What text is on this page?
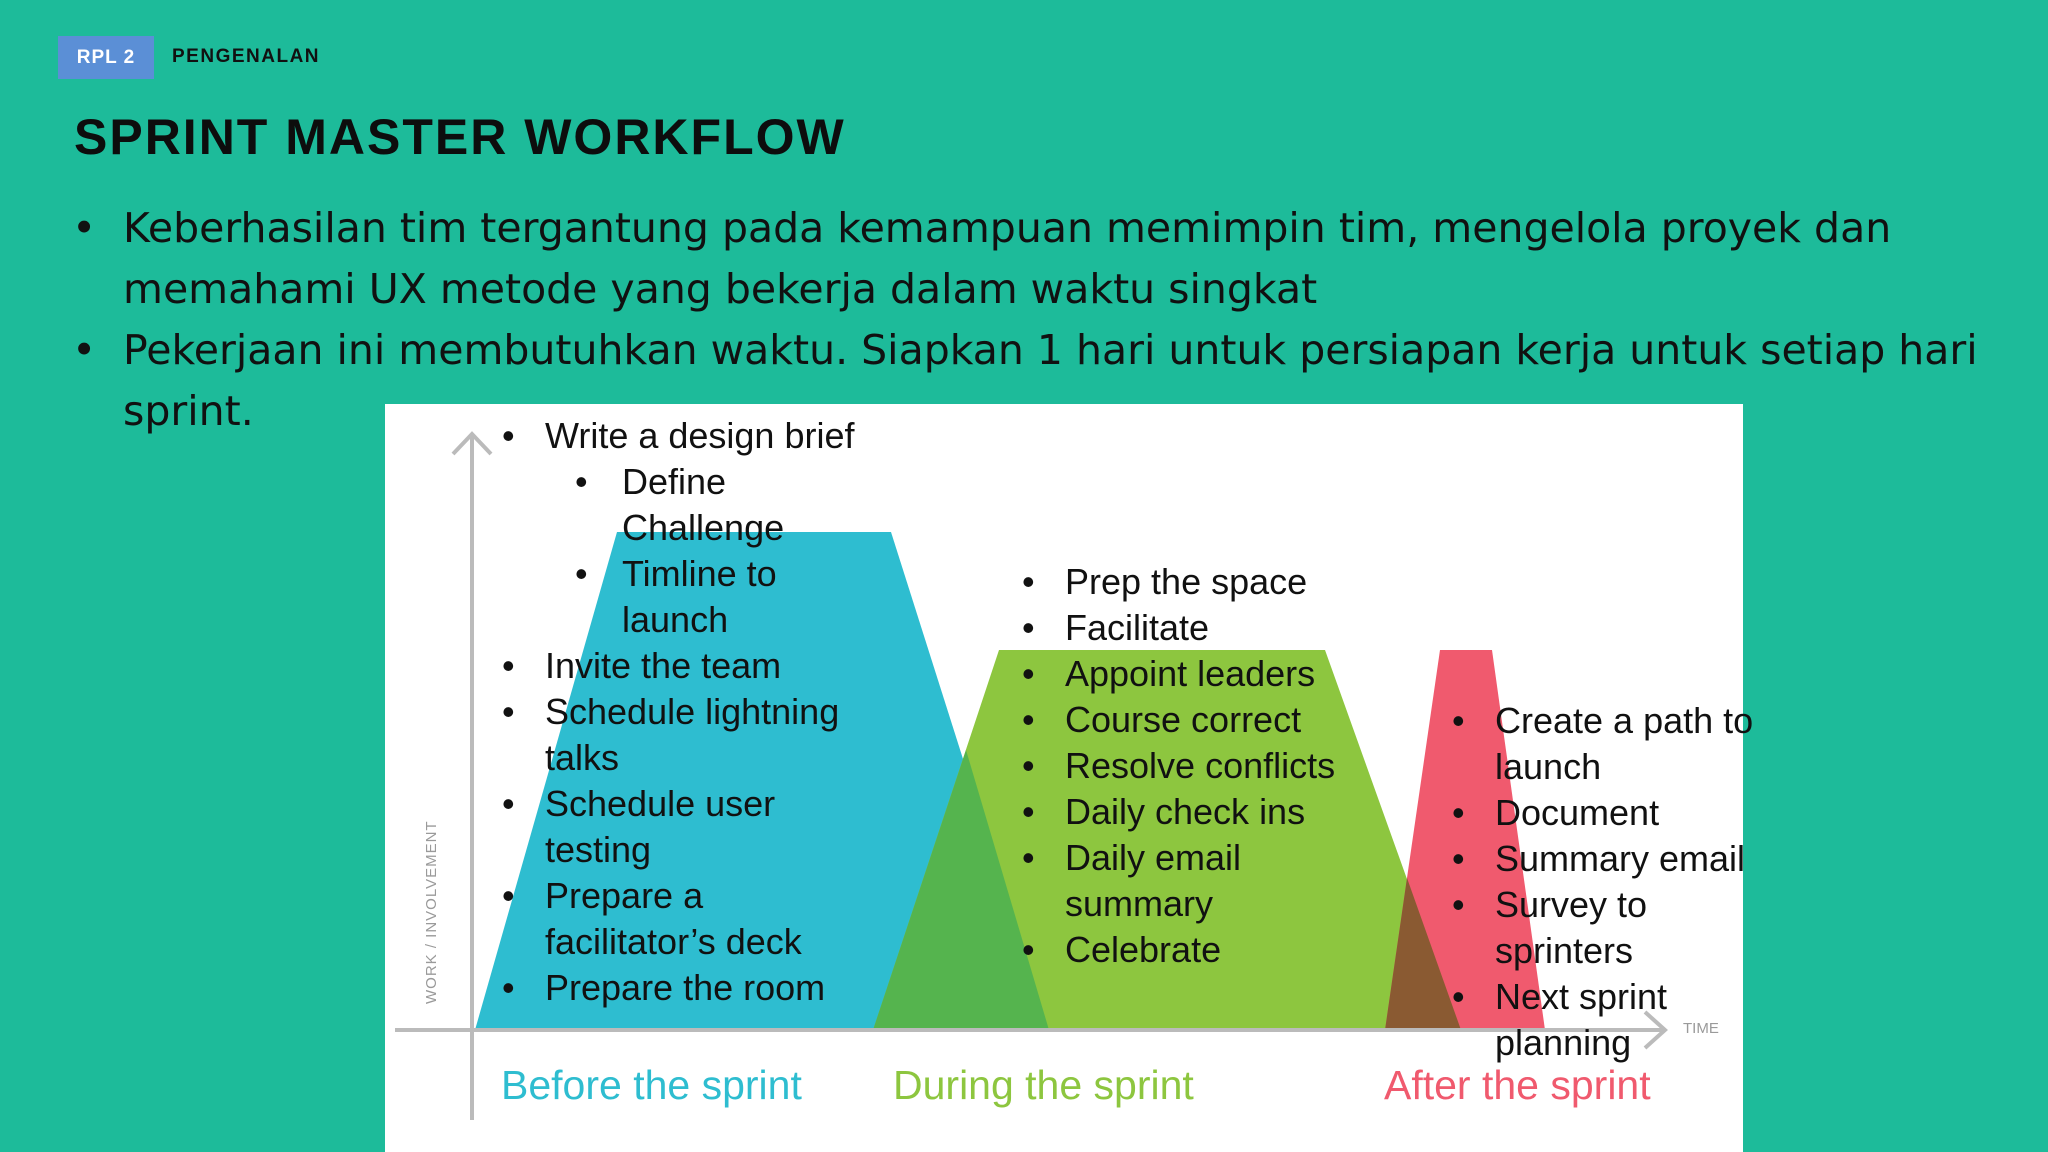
RPL 2	PENGENALAN
SPRINT MASTER WORKFLOW
• Keberhasilan tim tergantung pada kemampuan memimpin tim, mengelola proyek dan memahami UX metode yang bekerja dalam waktu singkat
• Pekerjaan ini membutuhkan waktu. Siapkan 1 hari untuk persiapan kerja untuk setiap hari sprint.
WORK / INVOLVEMENT
TIME
• Write a design brief
• Define Challenge
• Timline to launch
• Invite the team
• Schedule lightning talks
• Schedule user testing
• Prepare a facilitator’s deck
• Prepare the room
• Prep the space
• Facilitate
• Appoint leaders
• Course correct
• Resolve conflicts
• Daily check ins
• Daily email summary
• Celebrate
• Create a path to launch
• Document
• Summary email
• Survey to sprinters
• Next sprint planning
Before the sprint During the sprint	After the sprint
